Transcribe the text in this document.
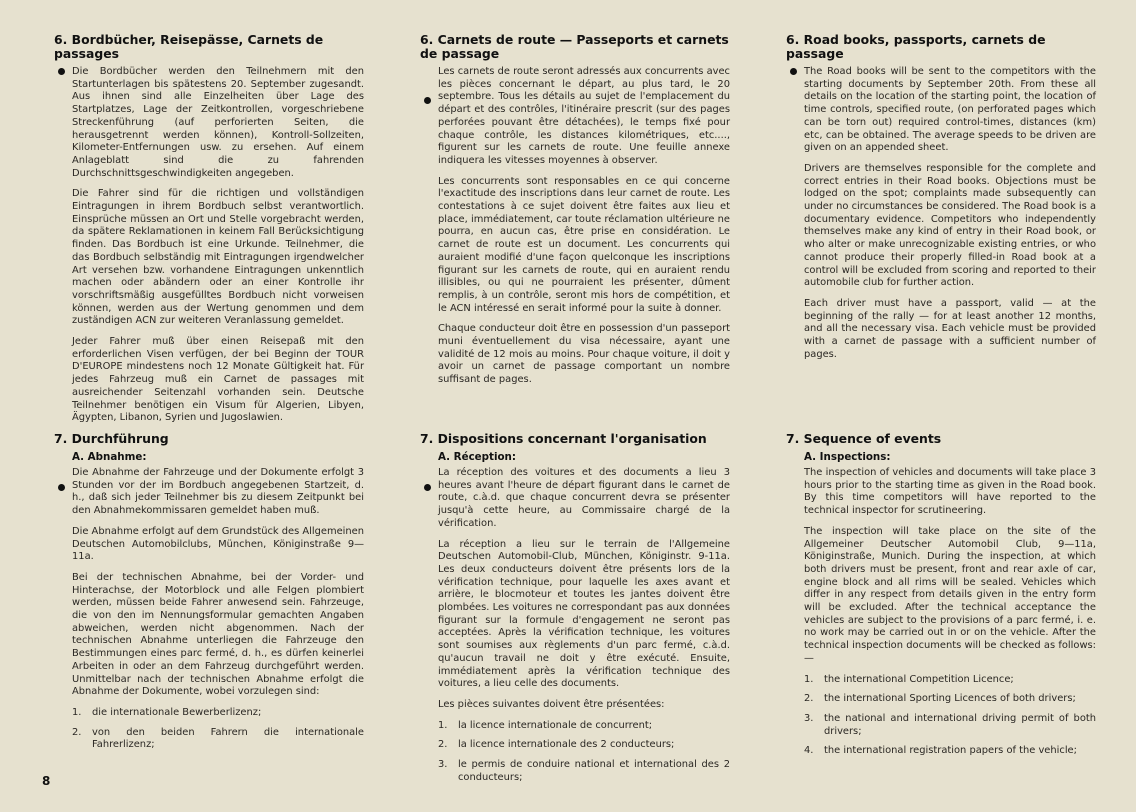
6. Bordbücher, Reisepässe, Carnets de passages

Die Bordbücher werden den Teilnehmern mit den Startunterlagen bis spätestens 20. September zugesandt. Aus ihnen sind alle Einzelheiten über Lage des Startplatzes, Lage der Zeitkontrollen, vorgeschriebene Streckenführung (auf perforierten Seiten, die herausgetrennt werden können), Kontroll-Sollzeiten, Kilometer-Entfernungen usw. zu ersehen. Auf einem Anlageblatt sind die zu fahrenden Durchschnittsgeschwindigkeiten angegeben.

Die Fahrer sind für die richtigen und vollständigen Eintragungen in ihrem Bordbuch selbst verantwortlich. Einsprüche müssen an Ort und Stelle vorgebracht werden, da spätere Reklamationen in keinem Fall Berücksichtigung finden. Das Bordbuch ist eine Urkunde. Teilnehmer, die das Bordbuch selbständig mit Eintragungen irgendwelcher Art versehen bzw. vorhandene Eintragungen unkenntlich machen oder abändern oder an einer Kontrolle ihr vorschriftsmäßig ausgefülltes Bordbuch nicht vorweisen können, werden aus der Wertung genommen und dem zuständigen ACN zur weiteren Veranlassung gemeldet.

Jeder Fahrer muß über einen Reisepaß mit den erforderlichen Visen verfügen, der bei Beginn der TOUR D'EUROPE mindestens noch 12 Monate Gültigkeit hat. Für jedes Fahrzeug muß ein Carnet de passages mit ausreichender Seitenzahl vorhanden sein. Deutsche Teilnehmer benötigen ein Visum für Algerien, Libyen, Ägypten, Libanon, Syrien und Jugoslawien.

7. Durchführung
A. Abnahme:

Die Abnahme der Fahrzeuge und der Dokumente erfolgt 3 Stunden vor der im Bordbuch angegebenen Startzeit, d. h., daß sich jeder Teilnehmer bis zu diesem Zeitpunkt bei den Abnahmekommissaren gemeldet haben muß.

Die Abnahme erfolgt auf dem Grundstück des Allgemeinen Deutschen Automobilclubs, München, Königinstraße 9—11a.

Bei der technischen Abnahme, bei der Vorder- und Hinterachse, der Motorblock und alle Felgen plombiert werden, müssen beide Fahrer anwesend sein. Fahrzeuge, die von den im Nennungsformular gemachten Angaben abweichen, werden nicht abgenommen. Nach der technischen Abnahme unterliegen die Fahrzeuge den Bestimmungen eines parc fermé, d. h., es dürfen keinerlei Arbeiten in oder an dem Fahrzeug durchgeführt werden. Unmittelbar nach der technischen Abnahme erfolgt die Abnahme der Dokumente, wobei vorzulegen sind:

1. die internationale Bewerberlizenz;
2. von den beiden Fahrern die internationale Fahrerlizenz;
6. Carnets de route — Passeports et carnets de passage

Les carnets de route seront adressés aux concurrents avec les pièces concernant le départ, au plus tard, le 20 septembre. Tous les détails au sujet de l'emplacement du départ et des contrôles, l'itinéraire prescrit (sur des pages perforées pouvant être détachées), le temps fixé pour chaque contrôle, les distances kilométriques, etc...., figurent sur les carnets de route. Une feuille annexe indiquera les vitesses moyennes à observer.

Les concurrents sont responsables en ce qui concerne l'exactitude des inscriptions dans leur carnet de route. Les contestations à ce sujet doivent être faites aux lieu et place, immédiatement, car toute réclamation ultérieure ne pourra, en aucun cas, être prise en considération. Le carnet de route est un document. Les concurrents qui auraient modifié d'une façon quelconque les inscriptions figurant sur les carnets de route, qui en auraient rendu illisibles, ou qui ne pourraient les présenter, dûment remplis, à un contrôle, seront mis hors de compétition, et le ACN intéressé en serait informé pour la suite à donner.

Chaque conducteur doit être en possession d'un passeport muni éventuellement du visa nécessaire, ayant une validité de 12 mois au moins. Pour chaque voiture, il doit y avoir un carnet de passage comportant un nombre suffisant de pages.

7. Dispositions concernant l'organisation
A. Réception:

La réception des voitures et des documents a lieu 3 heures avant l'heure de départ figurant dans le carnet de route, c.à.d. que chaque concurrent devra se présenter jusqu'à cette heure, au Commissaire chargé de la vérification.

La réception a lieu sur le terrain de l'Allgemeine Deutschen Automobil-Club, München, Königinstr. 9-11a. Les deux conducteurs doivent être présents lors de la vérification technique, pour laquelle les axes avant et arrière, le blocmoteur et toutes les jantes doivent être plombées. Les voitures ne correspondant pas aux données figurant sur la formule d'engagement ne seront pas acceptées. Après la vérification technique, les voitures sont soumises aux règlements d'un parc fermé, c.à.d. qu'aucun travail ne doit y être exécuté. Ensuite, immédiatement après la vérification technique des voitures, a lieu celle des documents.

Les pièces suivantes doivent être présentées:

1. la licence internationale de concurrent;
2. la licence internationale des 2 conducteurs;
3. le permis de conduire national et international des 2 conducteurs;
6. Road books, passports, carnets de passage

The Road books will be sent to the competitors with the starting documents by September 20th. From these all details on the location of the starting point, the location of time controls, specified route, (on perforated pages which can be torn out) required control-times, distances (km) etc, can be obtained. The average speeds to be driven are given on an appended sheet.

Drivers are themselves responsible for the complete and correct entries in their Road books. Objections must be lodged on the spot; complaints made subsequently can under no circumstances be considered. The Road book is a documentary evidence. Competitors who independently themselves make any kind of entry in their Road book, or who alter or make unrecognizable existing entries, or who cannot produce their properly filled-in Road book at a control will be excluded from scoring and reported to their automobile club for further action.

Each driver must have a passport, valid — at the beginning of the rally — for at least another 12 months, and all the necessary visa. Each vehicle must be provided with a carnet de passage with a sufficient number of pages.

7. Sequence of events
A. Inspections:

The inspection of vehicles and documents will take place 3 hours prior to the starting time as given in the Road book. By this time competitors will have reported to the technical inspector for scrutineering.

The inspection will take place on the site of the Allgemeiner Deutscher Automobil Club, 9—11a, Königinstraße, Munich. During the inspection, at which both drivers must be present, front and rear axle of car, engine block and all rims will be sealed. Vehicles which differ in any respect from details given in the entry form will be excluded. After the technical acceptance the vehicles are subject to the provisions of a parc fermé, i. e. no work may be carried out in or on the vehicle. After the technical inspection documents will be checked as follows: —

1. the international Competition Licence;
2. the international Sporting Licences of both drivers;
3. the national and international driving permit of both drivers;
4. the international registration papers of the vehicle;
8
